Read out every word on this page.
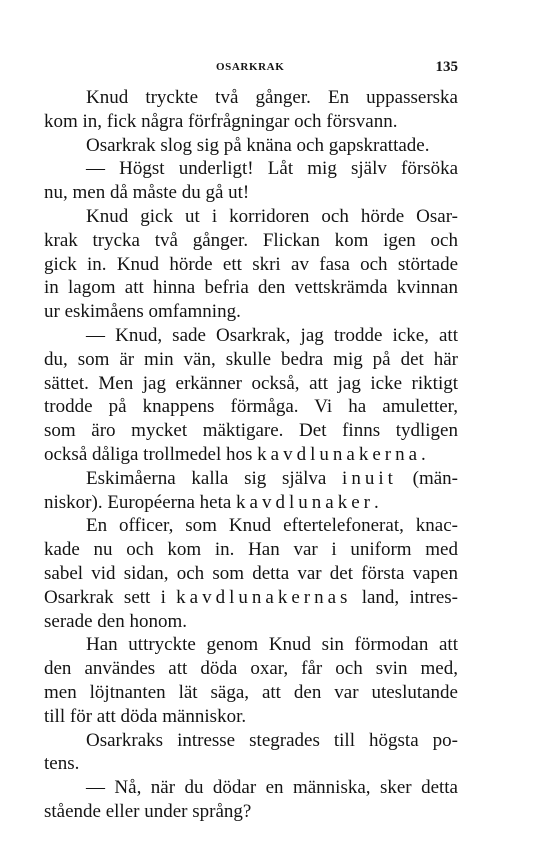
OSARKRAK	135
Knud tryckte två gånger. En uppasserska
kom in, fick några förfrågningar och försvann.
Osarkrak slog sig på knäna och gapskrattade.
— Högst underligt! Låt mig själv försöka
nu, men då måste du gå ut!
Knud gick ut i korridoren och hörde Osar-
krak trycka två gånger. Flickan kom igen och
gick in. Knud hörde ett skri av fasa och störtade
in lagom att hinna befria den vettskrämda kvinnan
ur eskimåens omfamning.
— Knud, sade Osarkrak, jag trodde icke, att
du, som är min vän, skulle bedra mig på det här
sättet. Men jag erkänner också, att jag icke riktigt
trodde på knappens förmåga. Vi ha amuletter,
som äro mycket mäktigare. Det finns tydligen
också dåliga trollmedel hos kavdlunakerna.
Eskimåerna kalla sig själva inuit (män-
niskor). Européerna heta kavdlunaker.
En officer, som Knud eftertelefonerat, knac-
kade nu och kom in. Han var i uniform med
sabel vid sidan, och som detta var det första vapen
Osarkrak sett i kavdlunakernas land, intres-
serade den honom.
Han uttryckte genom Knud sin förmodan att
den användes att döda oxar, får och svin med,
men löjtnanten lät säga, att den var uteslutande
till för att döda människor.
Osarkraks intresse stegrades till högsta po-
tens.
— Nå, när du dödar en människa, sker detta
stående eller under språng?
